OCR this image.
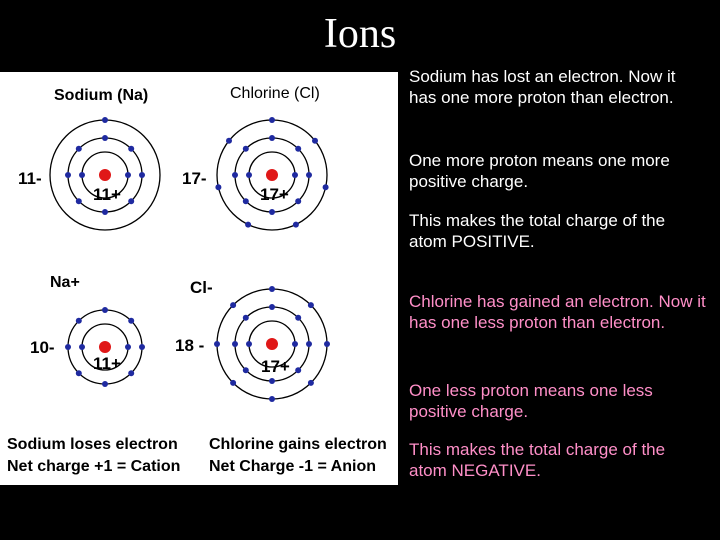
Ions
Sodium (Na)	Chlorine (Cl)
11-
11+
17-
17+
Na+	Cl-
10-
11+
18 -
17+
Sodium loses electron
Net charge +1 = Cation
Chlorine gains electron
Net Charge -1 = Anion

Sodium has lost an electron. Now it has one more proton than electron.

One more proton means one more positive charge.

This makes the total charge of the atom POSITIVE.

Chlorine has gained an electron. Now it has one less proton than electron.

One less proton means one less positive charge.

This makes the total charge of the atom NEGATIVE.
